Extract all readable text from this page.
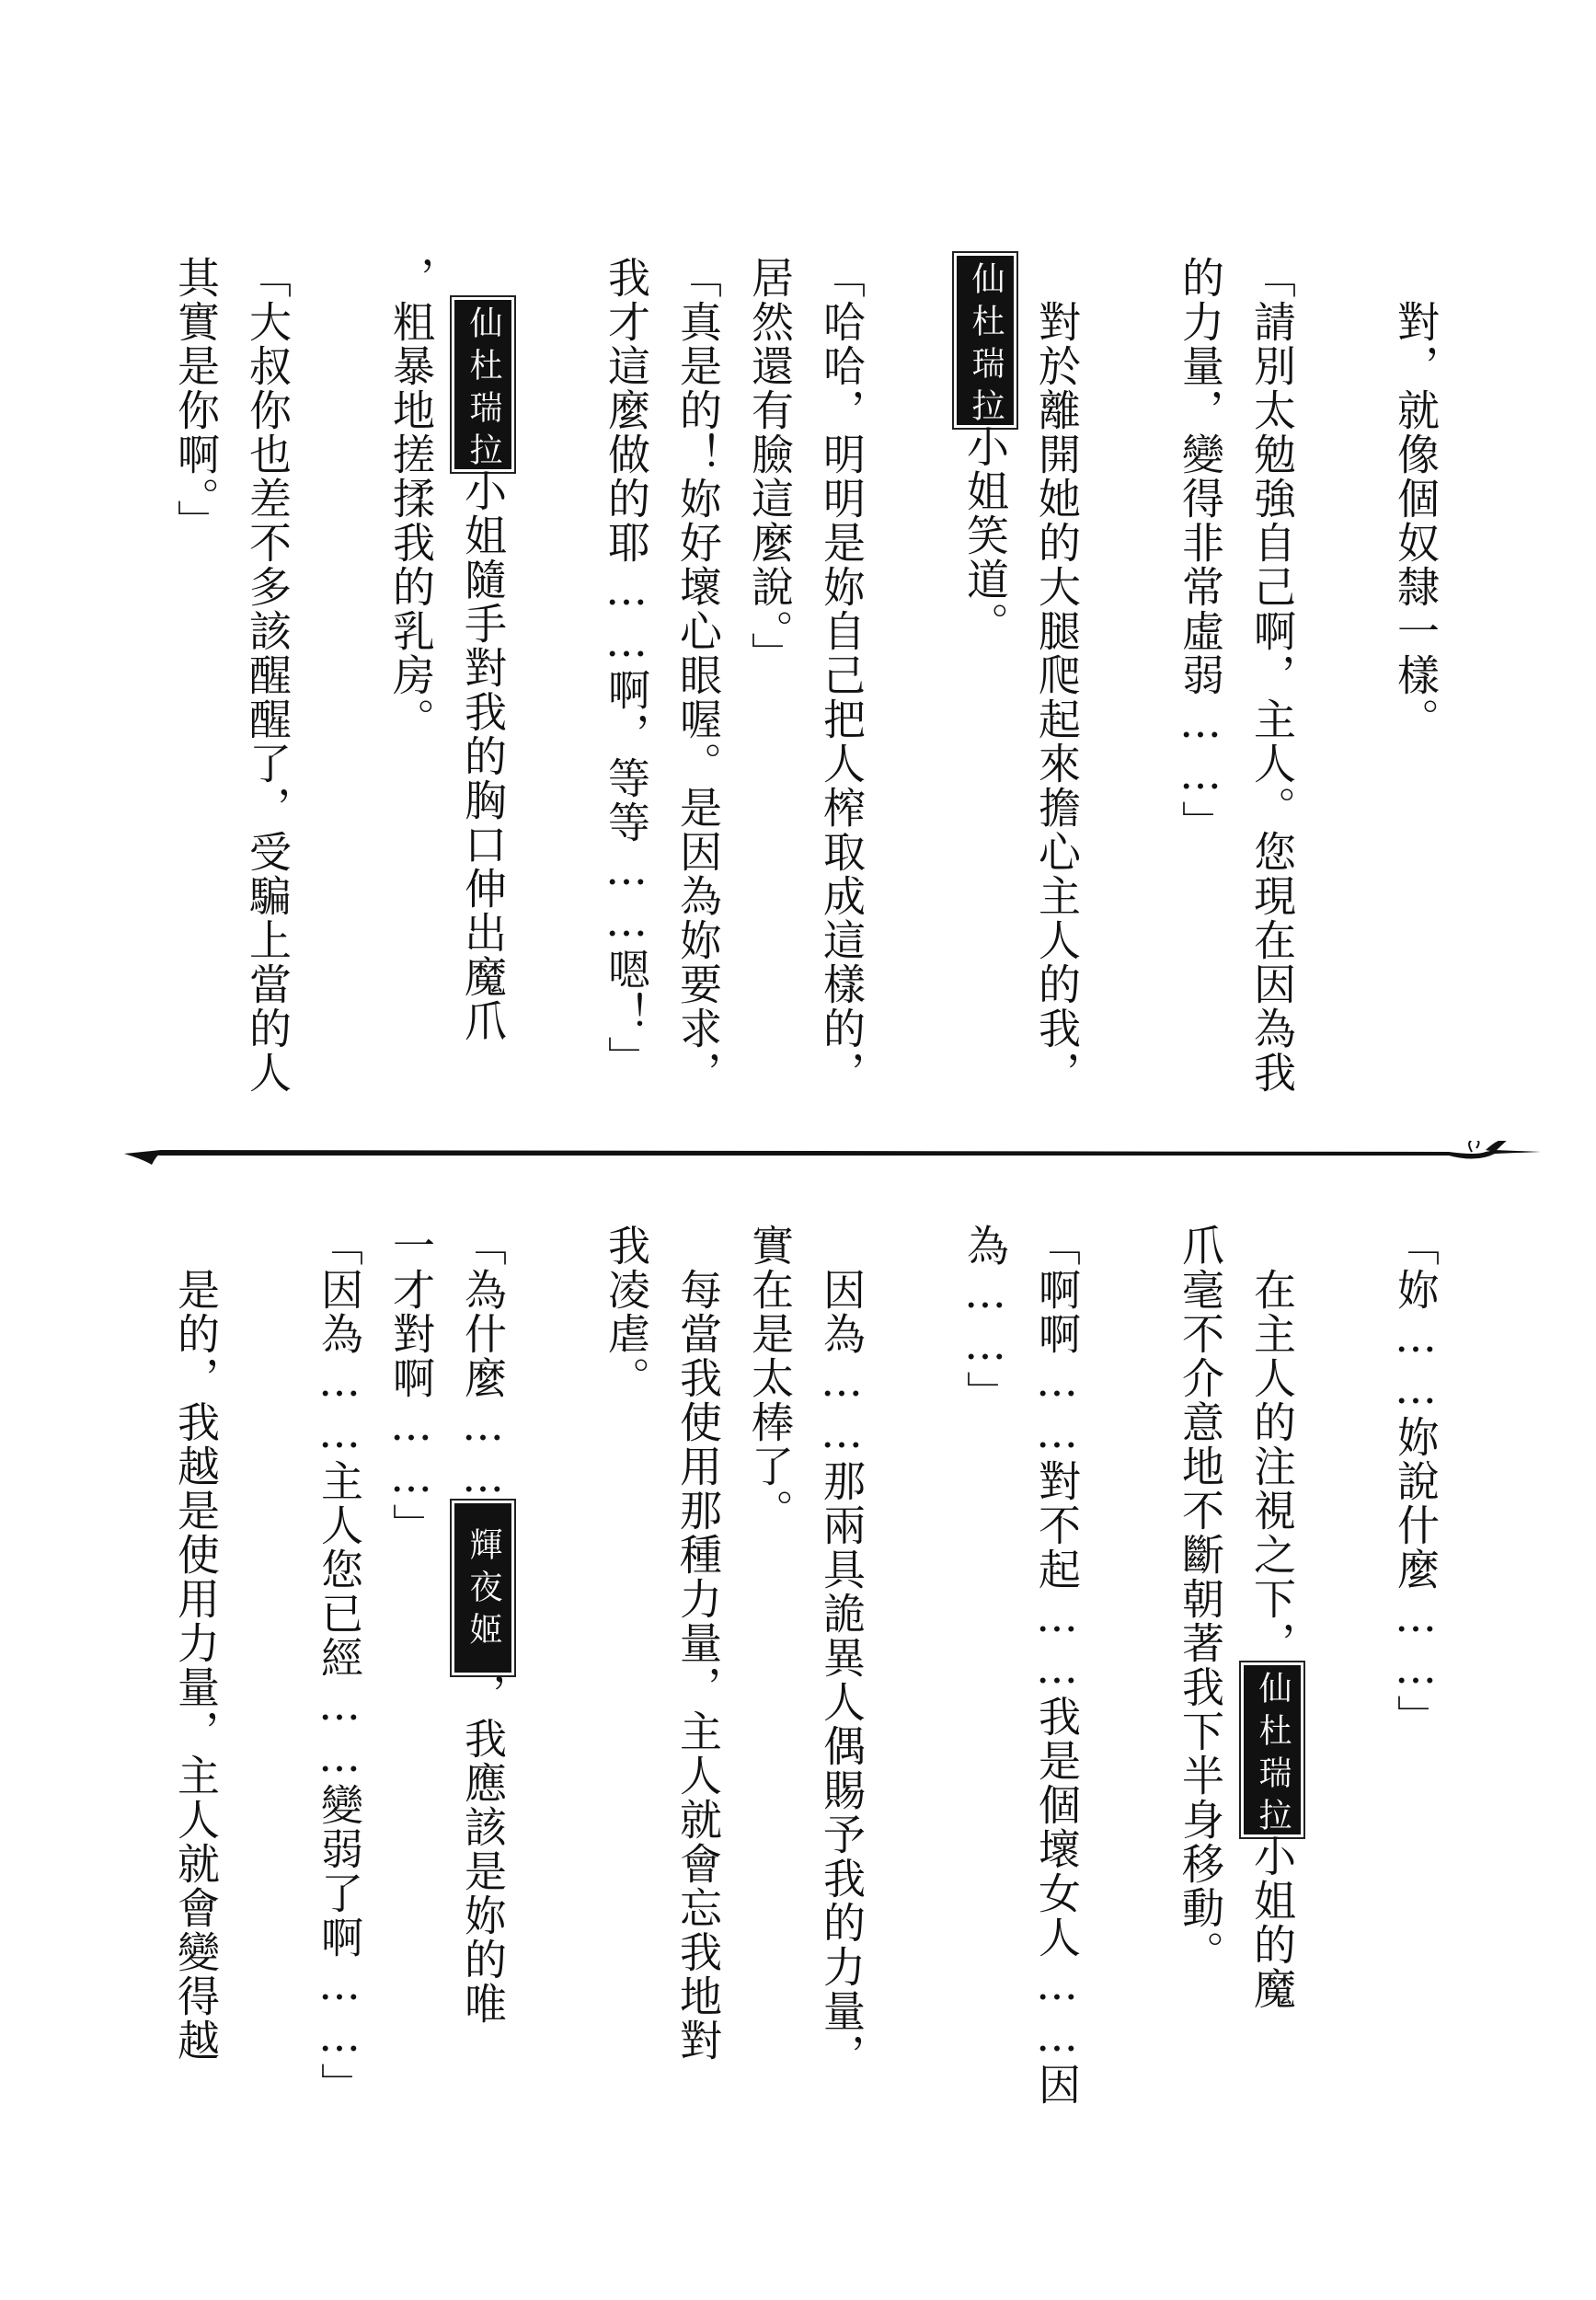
　對，就像個奴隸一樣。
「請別太勉強自己啊，主人。您現在因為我
的力量，變得非常虛弱……」
　對於離開她的大腿爬起來擔心主人的我，
仙杜瑞拉小姐笑道。
「哈哈，明明是妳自己把人榨取成這樣的，
居然還有臉這麼說。」
「真是的！妳好壞心眼喔。是因為妳要求，
我才這麼做的耶……啊，等等……嗯！」
　仙杜瑞拉小姐隨手對我的胸口伸出魔爪
，粗暴地搓揉我的乳房。
「大叔你也差不多該醒醒了，受騙上當的人
其實是你啊。」
「妳……妳說什麼……」
　在主人的注視之下，仙杜瑞拉小姐的魔
爪毫不介意地不斷朝著我下半身移動。
「啊啊……對不起……我是個壞女人……因
為……」
　因為……那兩具詭異人偶賜予我的力量，
實在是太棒了。
　每當我使用那種力量，主人就會忘我地對
我凌虐。
「為什麼……輝夜姬，我應該是妳的唯
一才對啊……」
「因為……主人您已經……變弱了啊……」
　是的，我越是使用力量，主人就會變得越
